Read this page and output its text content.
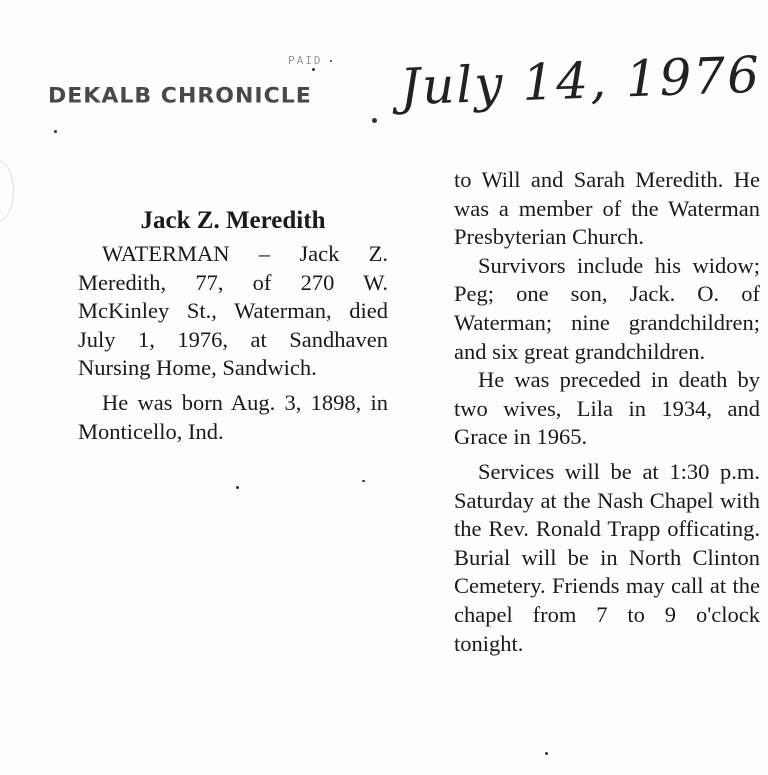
PAID
DEKALB CHRONICLE July 14, 1976
Jack Z. Meredith

WATERMAN – Jack Z. Meredith, 77, of 270 W. McKinley St., Waterman, died July 1, 1976, at Sandhaven Nursing Home, Sandwich.

He was born Aug. 3, 1898, in Monticello, Ind.

to Will and Sarah Meredith. He was a member of the Waterman Presbyterian Church.

Survivors include his widow; Peg; one son, Jack. O. of Waterman; nine grandchildren; and six great grandchildren.

He was preceded in death by two wives, Lila in 1934, and Grace in 1965.

Services will be at 1:30 p.m. Saturday at the Nash Chapel with the Rev. Ronald Trapp officating. Burial will be in North Clinton Cemetery. Friends may call at the chapel from 7 to 9 o'clock tonight.
